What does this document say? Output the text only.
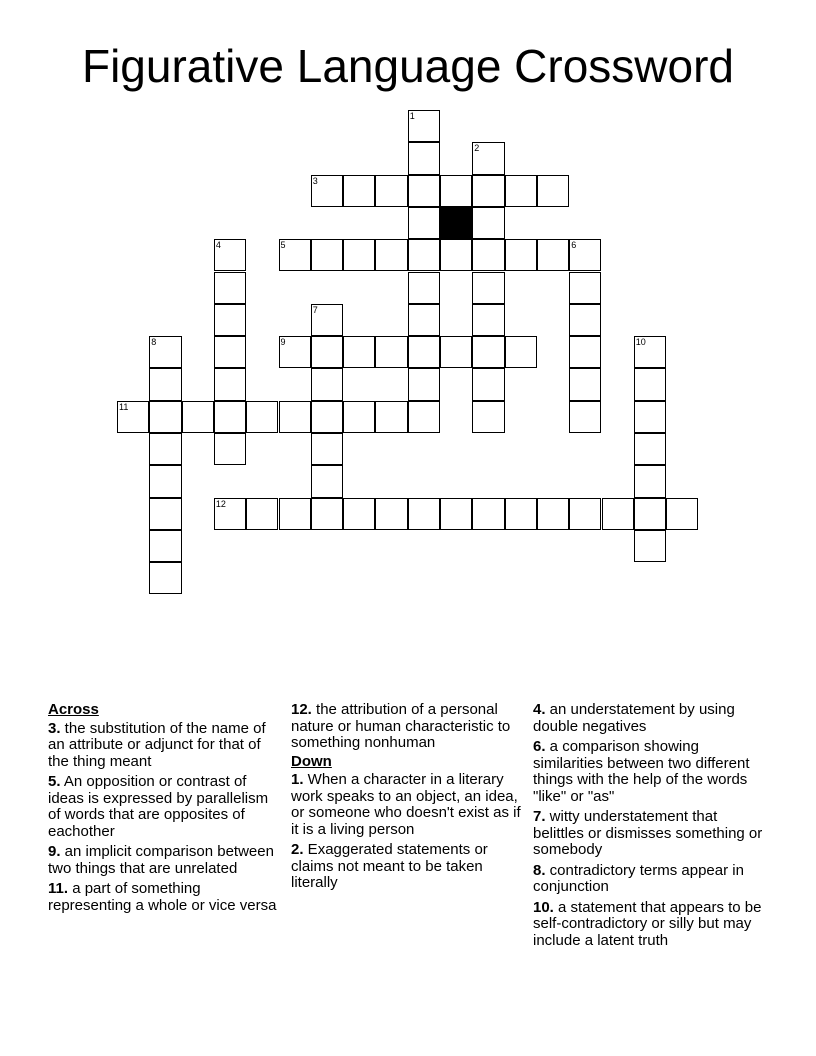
Figurative Language Crossword
1
2
3
4	5	6
7
8	9	10
11
12
Across
3. the substitution of the name of an attribute or adjunct for that of the thing meant
5. An opposition or contrast of ideas is expressed by parallelism of words that are opposites of eachother
9. an implicit comparison between two things that are unrelated
11. a part of something representing a whole or vice versa
12. the attribution of a personal nature or human characteristic to something nonhuman
Down
1. When a character in a literary work speaks to an object, an idea, or someone who doesn't exist as if it is a living person
2. Exaggerated statements or claims not meant to be taken literally
4. an understatement by using double negatives
6. a comparison showing similarities between two different things with the help of the words "like" or "as"
7. witty understatement that belittles or dismisses something or somebody
8. contradictory terms appear in conjunction
10. a statement that appears to be self-contradictory or silly but may include a latent truth
